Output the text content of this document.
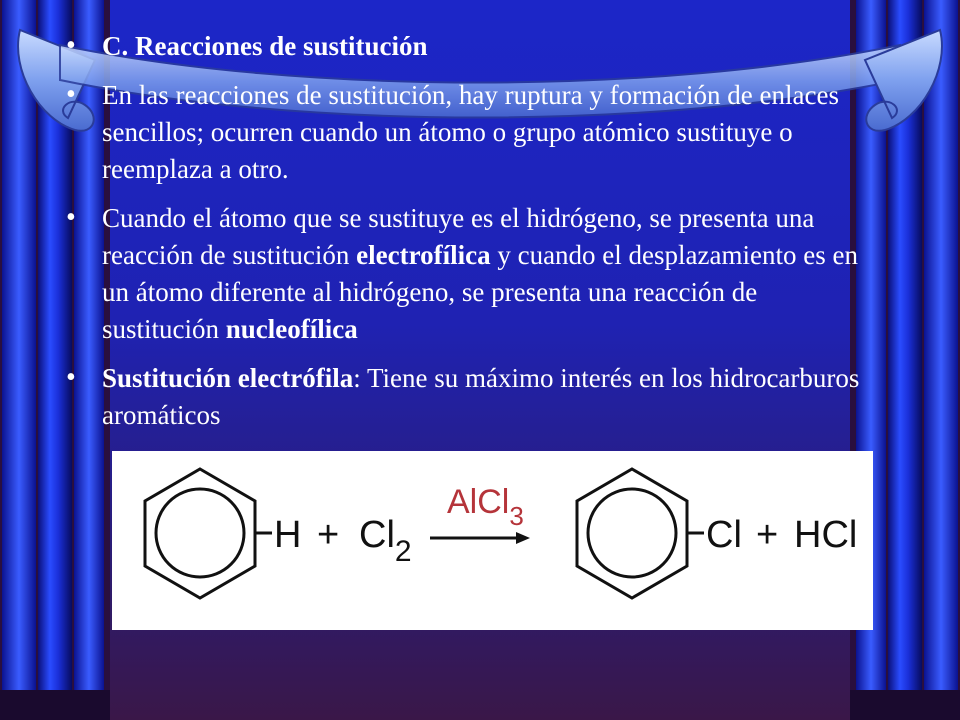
• C. Reacciones de sustitución
• En las reacciones de sustitución, hay ruptura y formación de enlaces sencillos; ocurren cuando un átomo o grupo atómico sustituye o reemplaza a otro.
• Cuando el átomo que se sustituye es el hidrógeno, se presenta una reacción de sustitución electrofílica y cuando el desplazamiento es en un átomo diferente al hidrógeno, se presenta una reacción de sustitución nucleofílica
• Sustitución electrófila: Tiene su máximo interés en los hidrocarburos aromáticos
$H + Cl_2$
AlCl$_3$	Cl + HCl
